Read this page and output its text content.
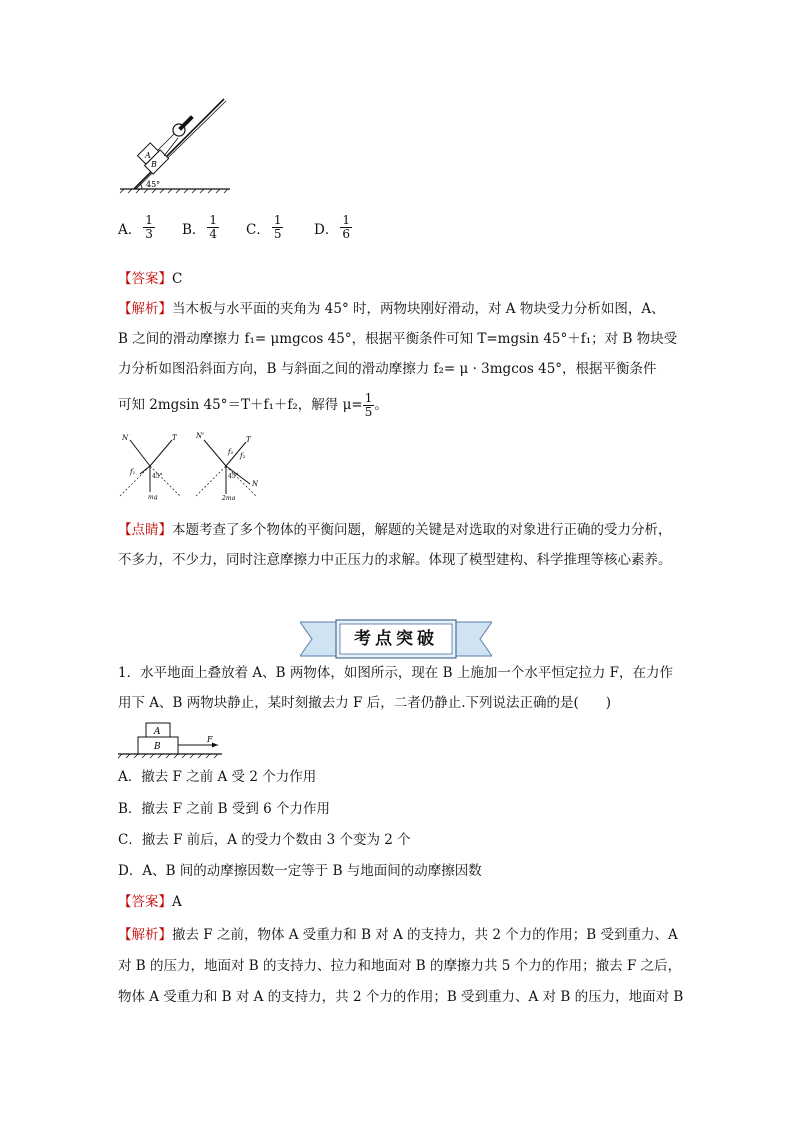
45°
A
B
A． $\frac{1}{3}$ B． $\frac{1}{4}$ C． $\frac{1}{5}$ D． $\frac{1}{6}$
【答案】C
【解析】当木板与水平面的夹角为 45° 时，两物块刚好滑动，对 A 物块受力分析如图，A、
B 之间的滑动摩擦力 f₁= μmgcos 45°，根据平衡条件可知 T=mgsin 45°＋f₁；对 B 物块受
力分析如图沿斜面方向，B 与斜面之间的滑动摩擦力 f₂= μ · 3mgcos 45°，根据平衡条件
可知 2mgsin 45°＝T＋f₁＋f₂，解得 $\mu= \frac{1}{5}$ 。
N	T
f₁
45°
mg
N'	T
f₁ f₂
45°
N
2mg
【点睛】本题考查了多个物体的平衡问题，解题的关键是对选取的对象进行正确的受力分析，
不多力，不少力，同时注意摩擦力中正压力的求解。体现了模型建构、科学推理等核心素养。
考点突破
1．水平地面上叠放着 A、B 两物体，如图所示，现在 B 上施加一个水平恒定拉力 F，在力作
用下 A、B 两物块静止，某时刻撤去力 F 后，二者仍静止.下列说法正确的是(　　)
A
B
F
A．撤去 F 之前 A 受 2 个力作用
B．撤去 F 之前 B 受到 6 个力作用
C．撤去 F 前后，A 的受力个数由 3 个变为 2 个
D．A、B 间的动摩擦因数一定等于 B 与地面间的动摩擦因数
【答案】A
【解析】撤去 F 之前，物体 A 受重力和 B 对 A 的支持力，共 2 个力的作用；B 受到重力、A
对 B 的压力，地面对 B 的支持力、拉力和地面对 B 的摩擦力共 5 个力的作用；撤去 F 之后，
物体 A 受重力和 B 对 A 的支持力，共 2 个力的作用；B 受到重力、A 对 B 的压力，地面对 B
